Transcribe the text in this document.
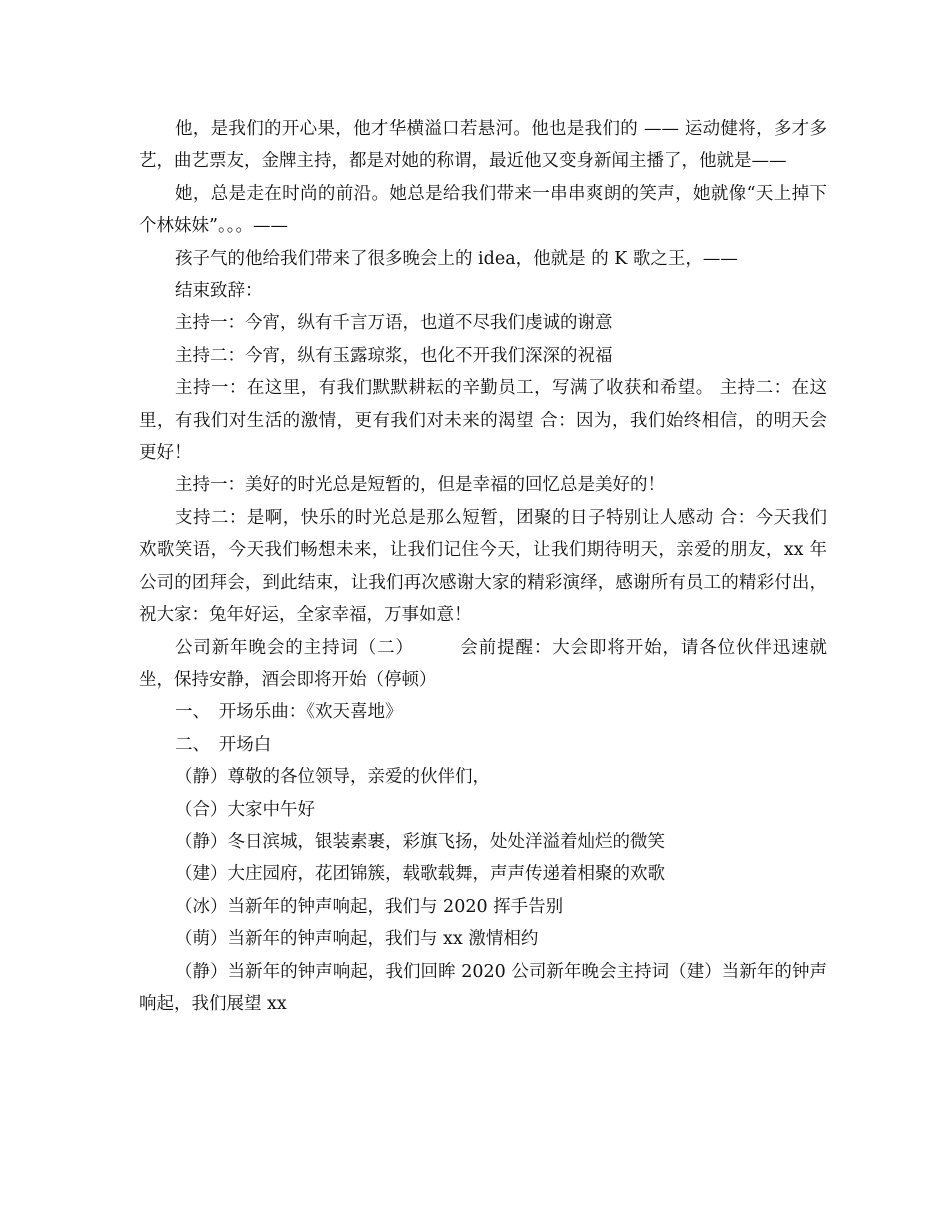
他，是我们的开心果，他才华横溢口若悬河。他也是我们的 —— 运动健将，多才多艺，曲艺票友，金牌主持，都是对她的称谓，最近他又变身新闻主播了，他就是——

她，总是走在时尚的前沿。她总是给我们带来一串串爽朗的笑声，她就像“天上掉下个林妹妹”。。。——

孩子气的他给我们带来了很多晚会上的 idea，他就是 的 K 歌之王，——

结束致辞：

主持一：今宵，纵有千言万语，也道不尽我们虔诚的谢意

主持二：今宵，纵有玉露琼浆，也化不开我们深深的祝福

主持一：在这里，有我们默默耕耘的辛勤员工，写满了收获和希望。 主持二：在这里，有我们对生活的激情，更有我们对未来的渴望 合：因为，我们始终相信，的明天会更好！

主持一：美好的时光总是短暂的，但是幸福的回忆总是美好的！

支持二：是啊，快乐的时光总是那么短暂，团聚的日子特别让人感动 合：今天我们欢歌笑语，今天我们畅想未来，让我们记住今天，让我们期待明天，亲爱的朋友，xx 年公司的团拜会，到此结束，让我们再次感谢大家的精彩演绎，感谢所有员工的精彩付出，祝大家：兔年好运，全家幸福，万事如意！

公司新年晚会的主持词（二）　　　会前提醒：大会即将开始，请各位伙伴迅速就坐，保持安静，酒会即将开始（停顿）

一、　开场乐曲：《欢天喜地》

二、　开场白

（静）尊敬的各位领导，亲爱的伙伴们，

（合）大家中午好

（静）冬日滨城，银装素裹，彩旗飞扬，处处洋溢着灿烂的微笑

（建）大庄园府，花团锦簇，载歌载舞，声声传递着相聚的欢歌

（冰）当新年的钟声响起，我们与 2020 挥手告别

（萌）当新年的钟声响起，我们与 xx 激情相约

（静）当新年的钟声响起，我们回眸 2020 公司新年晚会主持词（建）当新年的钟声响起，我们展望 xx
